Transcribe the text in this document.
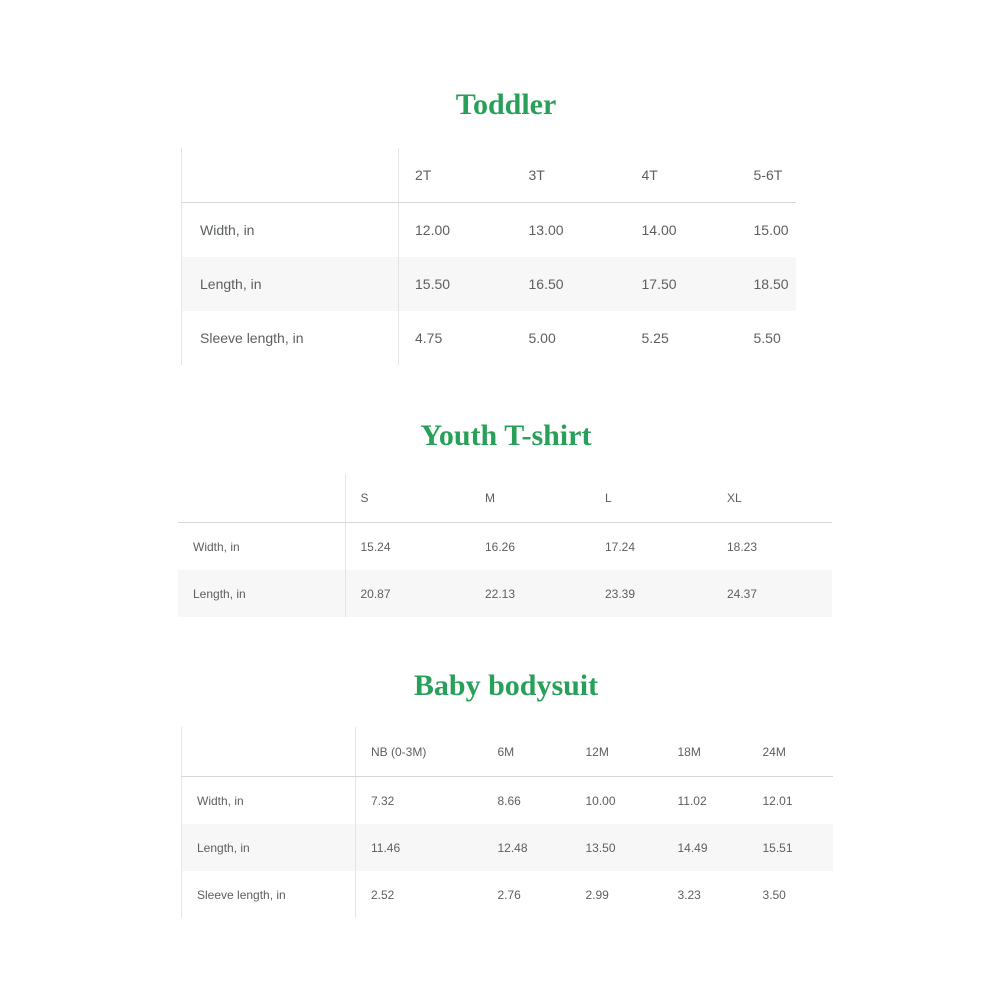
Toddler
	2T	3T	4T	5-6T
Width, in	12.00	13.00	14.00	15.00
Length, in	15.50	16.50	17.50	18.50
Sleeve length, in	4.75	5.00	5.25	5.50
Youth T-shirt
	S	M	L	XL
Width, in	15.24	16.26	17.24	18.23
Length, in	20.87	22.13	23.39	24.37
Baby bodysuit
	NB (0-3M)	6M	12M	18M	24M
Width, in	7.32	8.66	10.00	11.02	12.01
Length, in	11.46	12.48	13.50	14.49	15.51
Sleeve length, in	2.52	2.76	2.99	3.23	3.50
